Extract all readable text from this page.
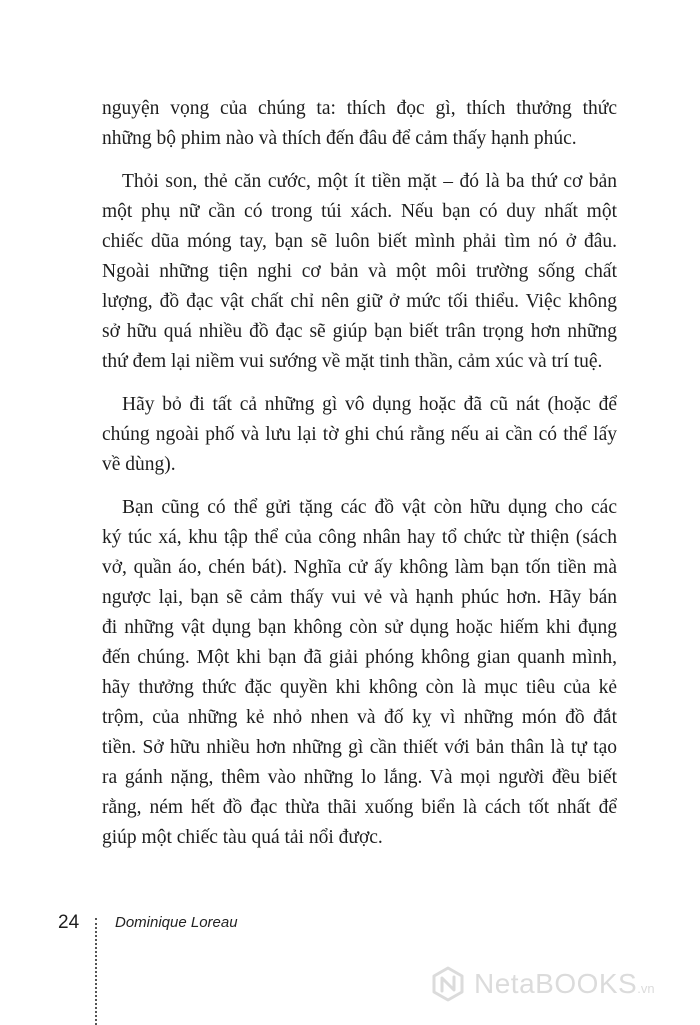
nguyện vọng của chúng ta: thích đọc gì, thích thưởng thức
những bộ phim nào và thích đến đâu để cảm thấy hạnh phúc.
Thỏi son, thẻ căn cước, một ít tiền mặt – đó là ba thứ cơ bản
một phụ nữ cần có trong túi xách. Nếu bạn có duy nhất một
chiếc dũa móng tay, bạn sẽ luôn biết mình phải tìm nó ở đâu.
Ngoài những tiện nghi cơ bản và một môi trường sống chất
lượng, đồ đạc vật chất chỉ nên giữ ở mức tối thiểu. Việc không
sở hữu quá nhiều đồ đạc sẽ giúp bạn biết trân trọng hơn những
thứ đem lại niềm vui sướng về mặt tinh thần, cảm xúc và trí tuệ.
Hãy bỏ đi tất cả những gì vô dụng hoặc đã cũ nát (hoặc để
chúng ngoài phố và lưu lại tờ ghi chú rằng nếu ai cần có thể lấy
về dùng).
Bạn cũng có thể gửi tặng các đồ vật còn hữu dụng cho các
ký túc xá, khu tập thể của công nhân hay tổ chức từ thiện (sách
vở, quần áo, chén bát). Nghĩa cử ấy không làm bạn tốn tiền mà
ngược lại, bạn sẽ cảm thấy vui vẻ và hạnh phúc hơn. Hãy bán
đi những vật dụng bạn không còn sử dụng hoặc hiếm khi đụng
đến chúng. Một khi bạn đã giải phóng không gian quanh mình,
hãy thưởng thức đặc quyền khi không còn là mục tiêu của kẻ
trộm, của những kẻ nhỏ nhen và đố kỵ vì những món đồ đắt
tiền. Sở hữu nhiều hơn những gì cần thiết với bản thân là tự tạo
ra gánh nặng, thêm vào những lo lắng. Và mọi người đều biết
rằng, ném hết đồ đạc thừa thãi xuống biển là cách tốt nhất để
giúp một chiếc tàu quá tải nổi được.
24 Dominique Loreau
NetaBOOKS.vn
